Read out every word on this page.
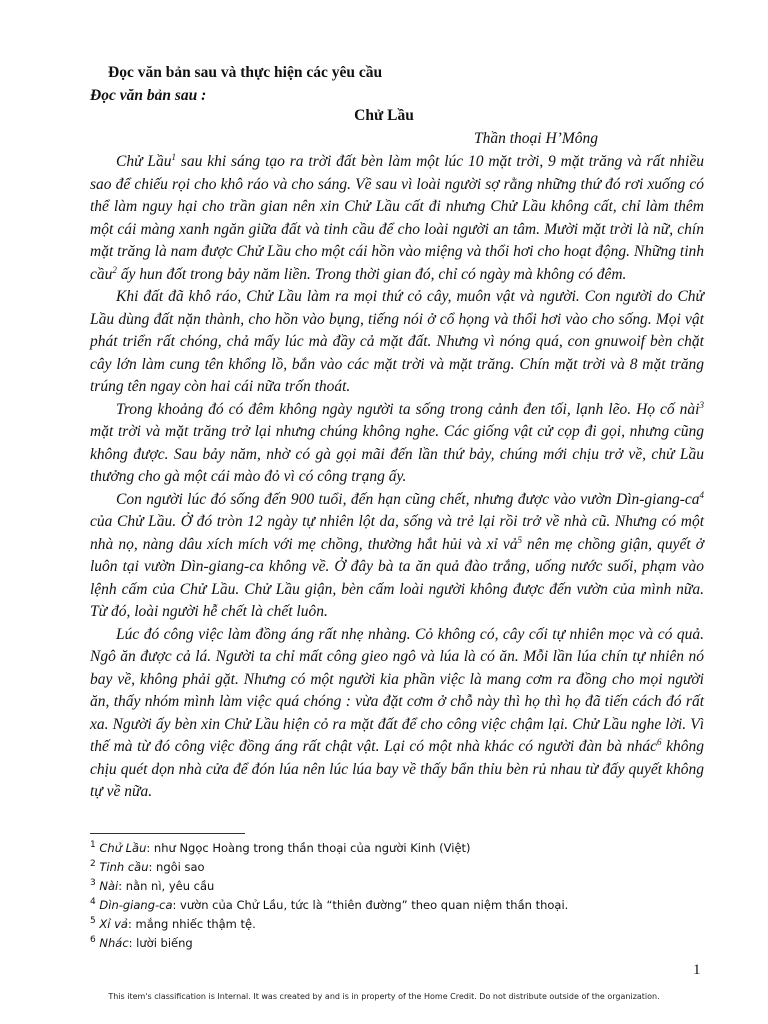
Đọc văn bản sau và thực hiện các yêu cầu
Đọc văn bản sau :
Chử Lầu
Thần thoại H’Mông

Chử Lầu$^1$ sau khi sáng tạo ra trời đất bèn làm một lúc 10 mặt trời, 9 mặt trăng và rất nhiều sao để chiếu rọi cho khô ráo và cho sáng. Về sau vì loài người sợ rằng những thứ đó rơi xuống có thể làm nguy hại cho trần gian nên xin Chử Lầu cất đi nhưng Chử Lầu không cất, chỉ làm thêm một cái màng xanh ngăn giữa đất và tinh cầu để cho loài người an tâm. Mười mặt trời là nữ, chín mặt trăng là nam được Chử Lầu cho một cái hồn vào miệng và thổi hơi cho hoạt động. Những tinh cầu$^2$ ấy hun đốt trong bảy năm liền. Trong thời gian đó, chỉ có ngày mà không có đêm.

Khi đất đã khô ráo, Chử Lầu làm ra mọi thứ cỏ cây, muôn vật và người. Con người do Chử Lầu dùng đất nặn thành, cho hồn vào bụng, tiếng nói ở cổ họng và thổi hơi vào cho sống. Mọi vật phát triển rất chóng, chả mấy lúc mà đầy cả mặt đất. Nhưng vì nóng quá, con gnuwoif bèn chặt cây lớn làm cung tên khổng lồ, bắn vào các mặt trời và mặt trăng. Chín mặt trời và 8 mặt trăng trúng tên ngay còn hai cái nữa trốn thoát.

Trong khoảng đó có đêm không ngày người ta sống trong cảnh đen tối, lạnh lẽo. Họ cố nài$^3$ mặt trời và mặt trăng trở lại nhưng chúng không nghe. Các giống vật cử cọp đi gọi, nhưng cũng không được. Sau bảy năm, nhờ có gà gọi mãi đến lần thứ bảy, chúng mới chịu trở về, chử Lầu thưởng cho gà một cái mào đỏ vì có công trạng ấy.

Con người lúc đó sống đến 900 tuổi, đến hạn cũng chết, nhưng được vào vườn Dìn-$giang-ca^4$ của Chử Lầu. Ở đó tròn 12 ngày tự nhiên lột da, sống và trẻ lại rồi trở về nhà cũ. Nhưng có một nhà nọ, nàng dâu xích mích với mẹ chồng, thường hắt hủi và xỉ vả$^5$ nên mẹ chồng giận, quyết ở luôn tại vườn Dìn-giang-ca không về. Ở đây bà ta ăn quả đào trắng, uống nước suối, phạm vào lệnh cấm của Chử Lầu. Chử Lầu giận, bèn cấm loài người không được đến vườn của mình nữa. Từ đó, loài người hễ chết là chết luôn.

Lúc đó công việc làm đồng áng rất nhẹ nhàng. Cỏ không có, cây cối tự nhiên mọc và có quả. Ngô ăn được cả lá. Người ta chỉ mất công gieo ngô và lúa là có ăn. Mỗi lần lúa chín tự nhiên nó bay về, không phải gặt. Nhưng có một người kia phần việc là mang cơm ra đồng cho mọi người ăn, thấy nhóm mình làm việc quá chóng : vừa đặt cơm ở chỗ này thì họ thì họ đã tiến cách đó rất xa. Người ấy bèn xin Chử Lầu hiện cỏ ra mặt đất để cho công việc chậm lại. Chử Lầu nghe lời. Vì thế mà từ đó công việc đồng áng rất chật vật. Lại có một nhà khác có người đàn bà nhác$^6$ không chịu quét dọn nhà cửa để đón lúa nên lúc lúa bay về thấy bẩn thỉu bèn rủ nhau từ đấy quyết không tự về nữa.

$^1$ Chử Lầu: như Ngọc Hoàng trong thần thoại của người Kinh (Việt)
$^2$ Tinh cầu: ngôi sao
$^3$ Nài: nằn nì, yêu cầu
$^4$ Dìn-giang-ca: vườn của Chử Lầu, tức là “thiên đường” theo quan niệm thần thoại.
$^5$ Xỉ vả: mắng nhiếc thậm tệ.
$^6$ Nhác: lười biếng
1
This item's classification is Internal. It was created by and is in property of the Home Credit. Do not distribute outside of the organization.
